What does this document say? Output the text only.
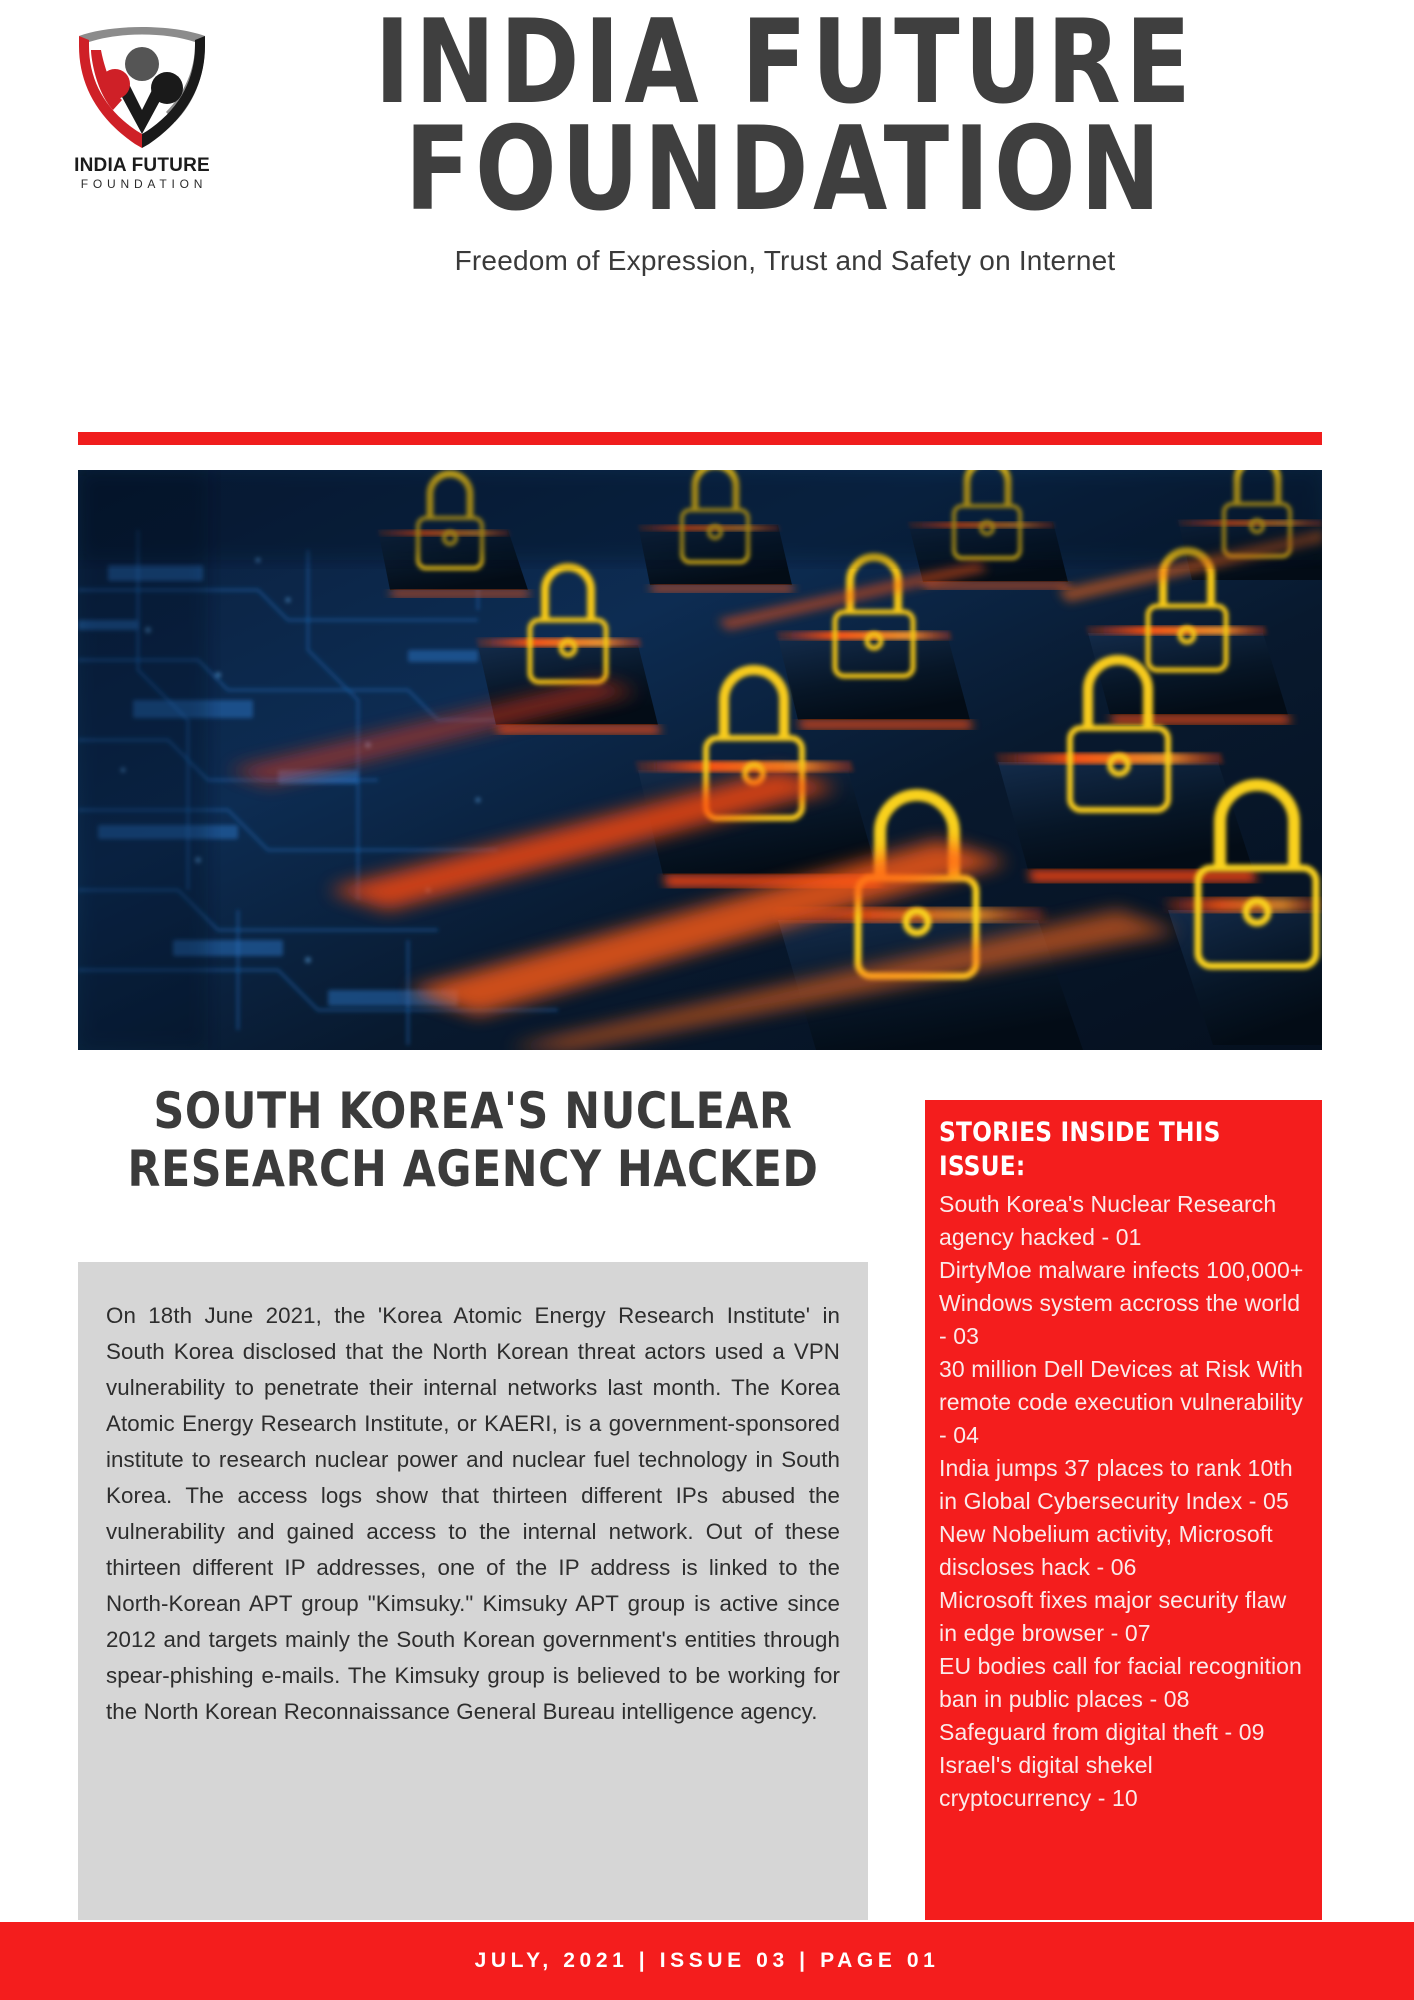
INDIA FUTURE
FOUNDATION
INDIA FUTURE
FOUNDATION
Freedom of Expression, Trust and Safety on Internet
SOUTH KOREA'S NUCLEAR RESEARCH AGENCY HACKED

On 18th June 2021, the 'Korea Atomic Energy Research Institute' in South Korea disclosed that the North Korean threat actors used a VPN vulnerability to penetrate their internal networks last month. The Korea Atomic Energy Research Institute, or KAERI, is a government-sponsored institute to research nuclear power and nuclear fuel technology in South Korea. The access logs show that thirteen different IPs abused the vulnerability and gained access to the internal network. Out of these thirteen different IP addresses, one of the IP address is linked to the North-Korean APT group "Kimsuky." Kimsuky APT group is active since 2012 and targets mainly the South Korean government's entities through spear-phishing e-mails. The Kimsuky group is believed to be working for the North Korean Reconnaissance General Bureau intelligence agency.

STORIES INSIDE THIS ISSUE:
South Korea's Nuclear Research agency hacked - 01
DirtyMoe malware infects 100,000+ Windows system accross the world - 03
30 million Dell Devices at Risk With remote code execution vulnerability - 04
India jumps 37 places to rank 10th in Global Cybersecurity Index - 05
New Nobelium activity, Microsoft discloses hack - 06
Microsoft fixes major security flaw in edge browser - 07
EU bodies call for facial recognition ban in public places - 08
Safeguard from digital theft - 09
Israel's digital shekel cryptocurrency - 10
JULY, 2021 | ISSUE 03 | PAGE 01
